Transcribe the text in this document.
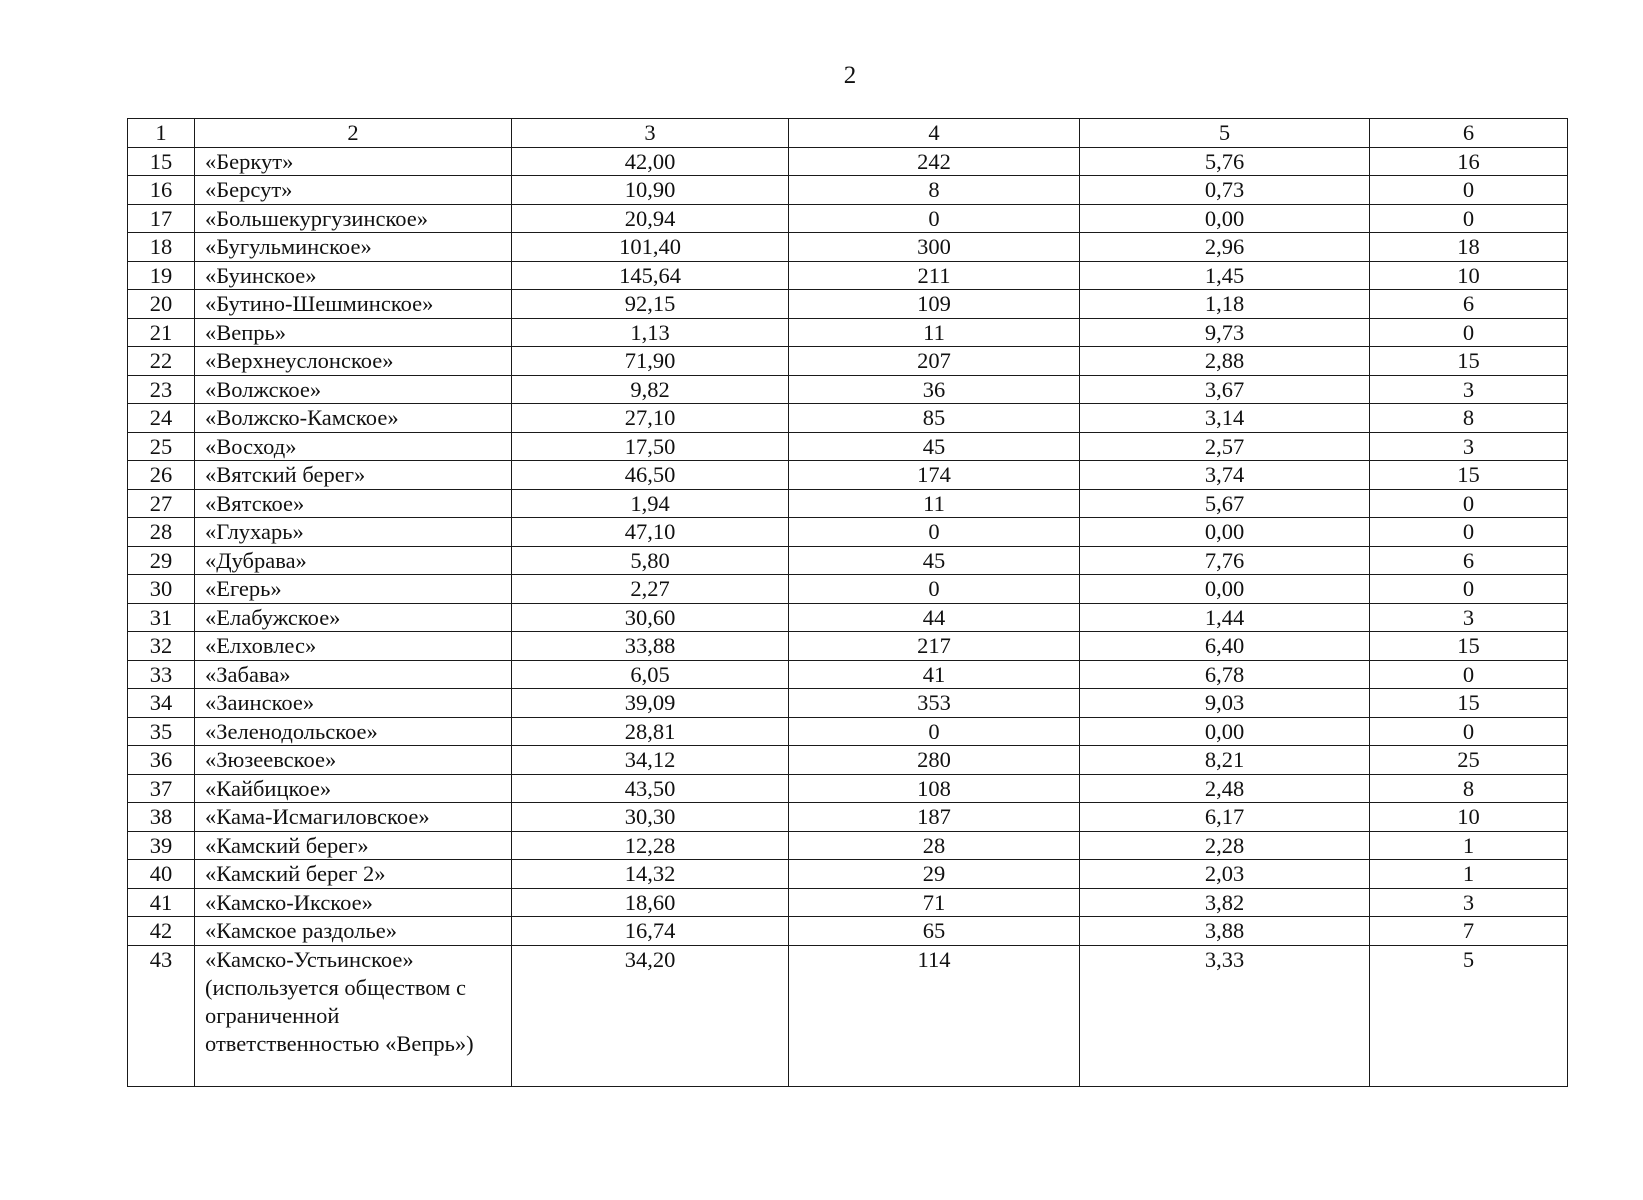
2
1	2	3	4	5	6
15	«Беркут»	42,00	242	5,76	16
16	«Берсут»	10,90	8	0,73	0
17	«Большекургузинское»	20,94	0	0,00	0
18	«Бугульминское»	101,40	300	2,96	18
19	«Буинское»	145,64	211	1,45	10
20	«Бутино-Шешминское»	92,15	109	1,18	6
21	«Вепрь»	1,13	11	9,73	0
22	«Верхнеуслонское»	71,90	207	2,88	15
23	«Волжское»	9,82	36	3,67	3
24	«Волжско-Камское»	27,10	85	3,14	8
25	«Восход»	17,50	45	2,57	3
26	«Вятский берег»	46,50	174	3,74	15
27	«Вятское»	1,94	11	5,67	0
28	«Глухарь»	47,10	0	0,00	0
29	«Дубрава»	5,80	45	7,76	6
30	«Егерь»	2,27	0	0,00	0
31	«Елабужское»	30,60	44	1,44	3
32	«Елховлес»	33,88	217	6,40	15
33	«Забава»	6,05	41	6,78	0
34	«Заинское»	39,09	353	9,03	15
35	«Зеленодольское»	28,81	0	0,00	0
36	«Зюзеевское»	34,12	280	8,21	25
37	«Кайбицкое»	43,50	108	2,48	8
38	«Кама-Исмагиловское»	30,30	187	6,17	10
39	«Камский берег»	12,28	28	2,28	1
40	«Камский берег 2»	14,32	29	2,03	1
41	«Камско-Икское»	18,60	71	3,82	3
42	«Камское раздолье»	16,74	65	3,88	7
43	«Камско-Устьинское»
(используется обществом с
ограниченной
ответственностью «Вепрь»)	34,20	114	3,33	5
